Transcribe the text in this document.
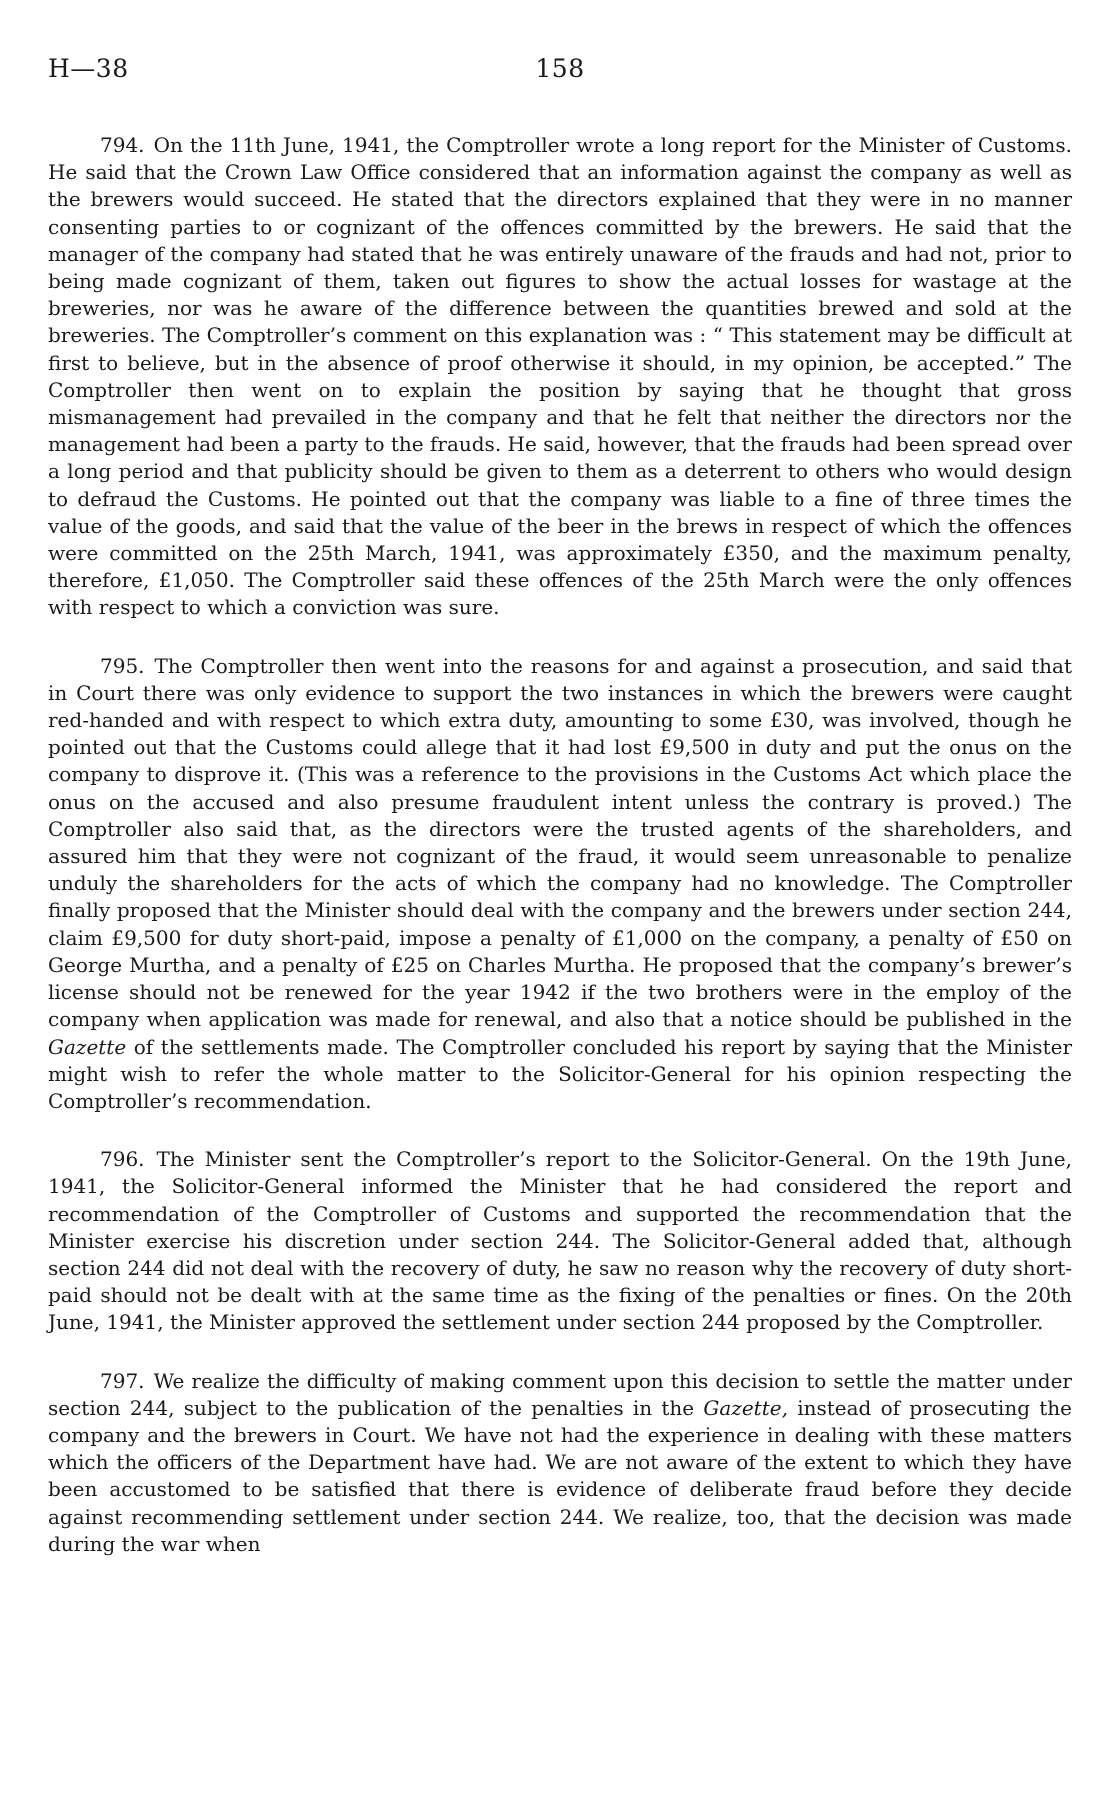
H—38	158

794. On the 11th June, 1941, the Comptroller wrote a long report for the Minister of Customs. He said that the Crown Law Office considered that an information against the company as well as the brewers would succeed. He stated that the directors explained that they were in no manner consenting parties to or cognizant of the offences committed by the brewers. He said that the manager of the company had stated that he was entirely unaware of the frauds and had not, prior to being made cognizant of them, taken out figures to show the actual losses for wastage at the breweries, nor was he aware of the difference between the quantities brewed and sold at the breweries. The Comptroller’s comment on this explanation was : “ This statement may be difficult at first to believe, but in the absence of proof otherwise it should, in my opinion, be accepted.” The Comptroller then went on to explain the position by saying that he thought that gross mismanagement had prevailed in the company and that he felt that neither the directors nor the management had been a party to the frauds. He said, however, that the frauds had been spread over a long period and that publicity should be given to them as a deterrent to others who would design to defraud the Customs. He pointed out that the company was liable to a fine of three times the value of the goods, and said that the value of the beer in the brews in respect of which the offences were committed on the 25th March, 1941, was approximately £350, and the maximum penalty, therefore, £1,050. The Comptroller said these offences of the 25th March were the only offences with respect to which a conviction was sure.

795. The Comptroller then went into the reasons for and against a prosecution, and said that in Court there was only evidence to support the two instances in which the brewers were caught red-handed and with respect to which extra duty, amounting to some £30, was involved, though he pointed out that the Customs could allege that it had lost £9,500 in duty and put the onus on the company to disprove it. (This was a reference to the provisions in the Customs Act which place the onus on the accused and also presume fraudulent intent unless the contrary is proved.) The Comptroller also said that, as the directors were the trusted agents of the shareholders, and assured him that they were not cognizant of the fraud, it would seem unreasonable to penalize unduly the shareholders for the acts of which the company had no knowledge. The Comptroller finally proposed that the Minister should deal with the company and the brewers under section 244, claim £9,500 for duty short-paid, impose a penalty of £1,000 on the company, a penalty of £50 on George Murtha, and a penalty of £25 on Charles Murtha. He proposed that the company’s brewer’s license should not be renewed for the year 1942 if the two brothers were in the employ of the company when application was made for renewal, and also that a notice should be published in the Gazette of the settlements made. The Comptroller concluded his report by saying that the Minister might wish to refer the whole matter to the Solicitor-General for his opinion respecting the Comptroller’s recommendation.

796. The Minister sent the Comptroller’s report to the Solicitor-General. On the 19th June, 1941, the Solicitor-General informed the Minister that he had considered the report and recommendation of the Comptroller of Customs and supported the recommendation that the Minister exercise his discretion under section 244. The Solicitor-General added that, although section 244 did not deal with the recovery of duty, he saw no reason why the recovery of duty short-paid should not be dealt with at the same time as the fixing of the penalties or fines. On the 20th June, 1941, the Minister approved the settlement under section 244 proposed by the Comptroller.

797. We realize the difficulty of making comment upon this decision to settle the matter under section 244, subject to the publication of the penalties in the Gazette, instead of prosecuting the company and the brewers in Court. We have not had the experience in dealing with these matters which the officers of the Department have had. We are not aware of the extent to which they have been accustomed to be satisfied that there is evidence of deliberate fraud before they decide against recommending settlement under section 244. We realize, too, that the decision was made during the war when
